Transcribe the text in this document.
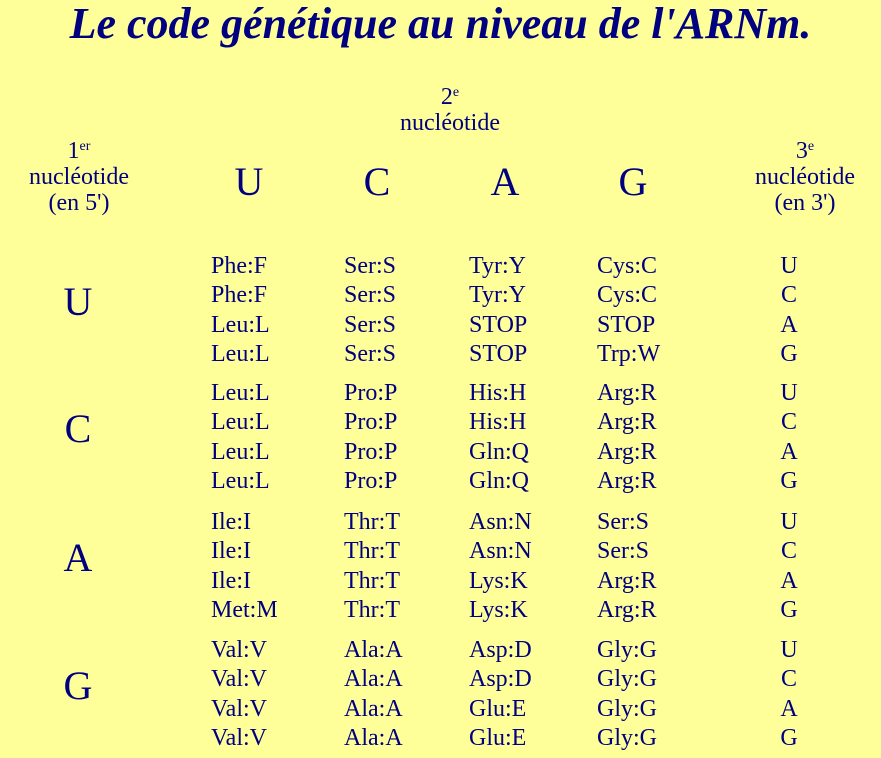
Le code génétique au niveau de l'ARNm.
2e
nucléotide
1er
nucléotide
(en 5')
3e
nucléotide
(en 3')
U	C	A	G
U
Phe:F	Ser:S	Tyr:Y	Cys:C	U
Phe:F	Ser:S	Tyr:Y	Cys:C	C
Leu:L	Ser:S	STOP	STOP	A
Leu:L	Ser:S	STOP	Trp:W	G
C
Leu:L	Pro:P	His:H	Arg:R	U
Leu:L	Pro:P	His:H	Arg:R	C
Leu:L	Pro:P	Gln:Q	Arg:R	A
Leu:L	Pro:P	Gln:Q	Arg:R	G
A
Ile:I	Thr:T	Asn:N	Ser:S	U
Ile:I	Thr:T	Asn:N	Ser:S	C
Ile:I	Thr:T	Lys:K	Arg:R	A
Met:M	Thr:T	Lys:K	Arg:R	G
G
Val:V	Ala:A	Asp:D	Gly:G	U
Val:V	Ala:A	Asp:D	Gly:G	C
Val:V	Ala:A	Glu:E	Gly:G	A
Val:V	Ala:A	Glu:E	Gly:G	G
